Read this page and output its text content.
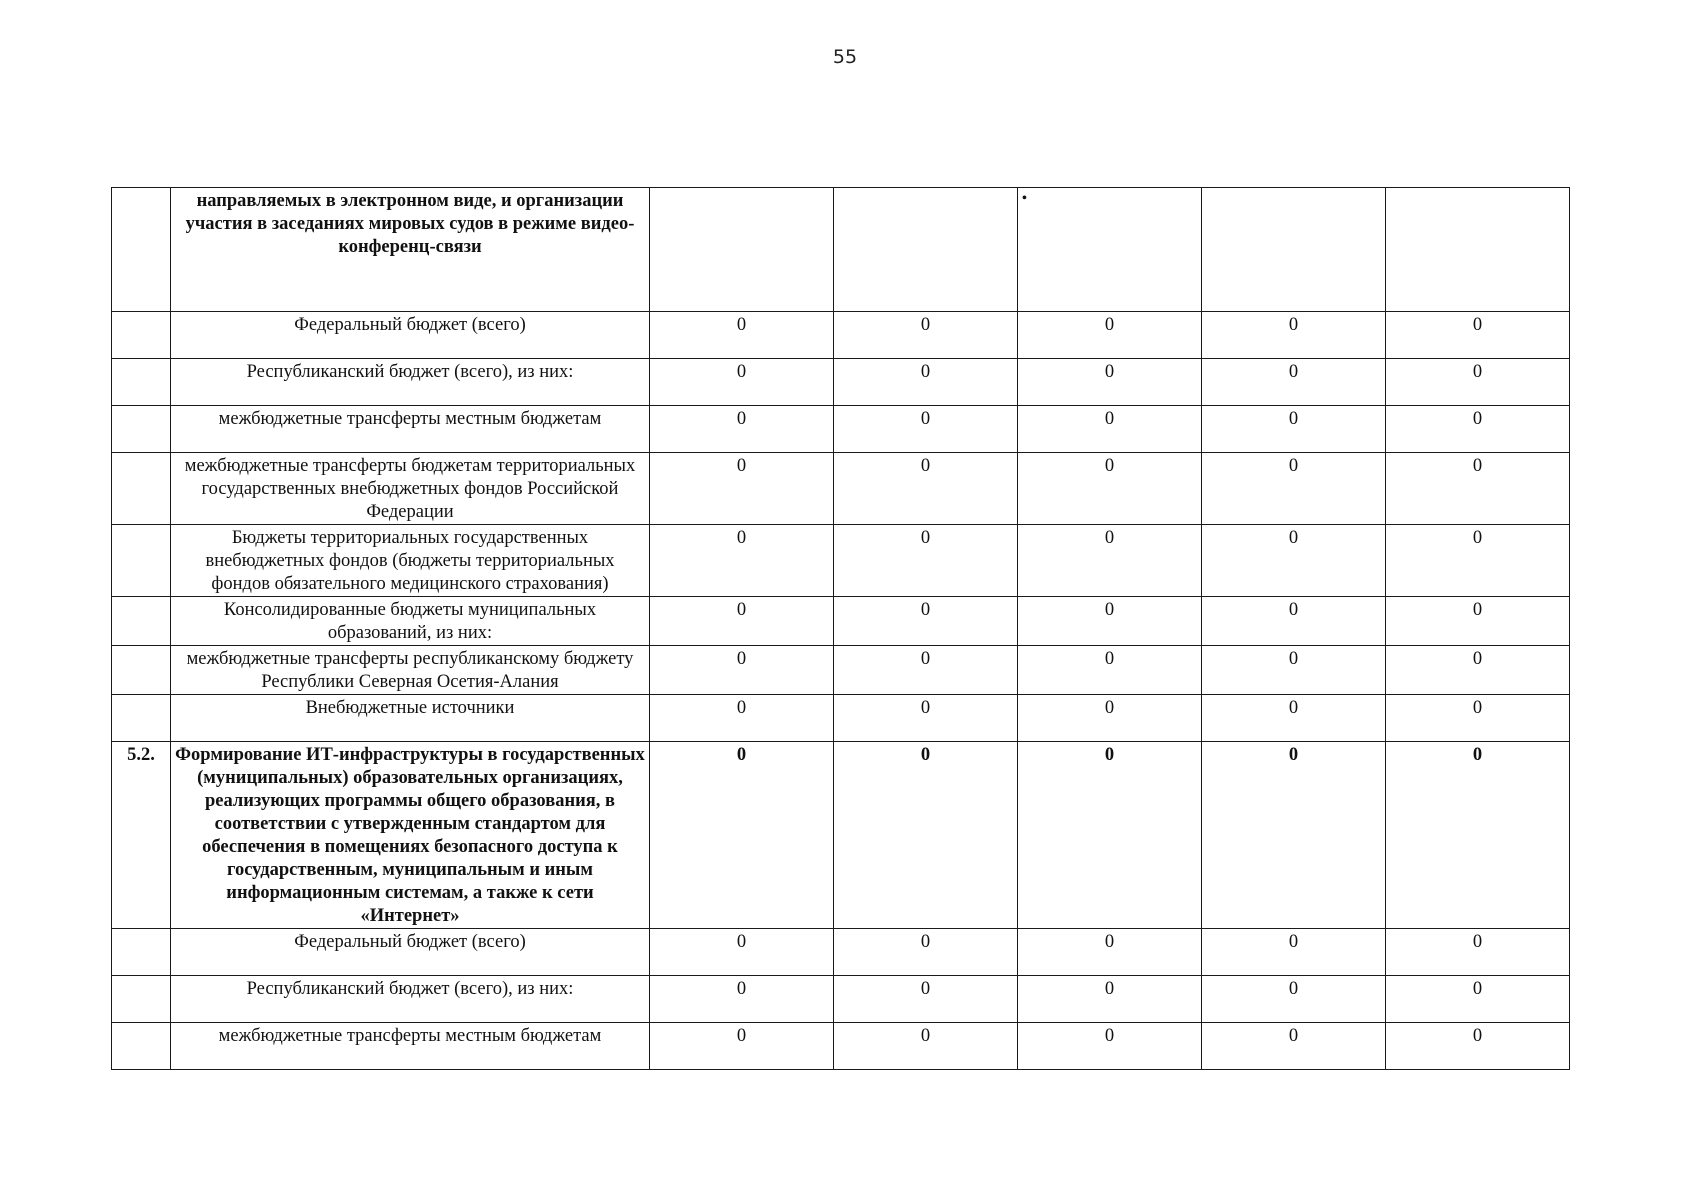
55
	направляемых в электронном виде, и организации участия в заседаниях мировых судов в режиме видео-конференц-связи			•		

	Федеральный бюджет (всего)	0	0	0	0	0
	Республиканский бюджет (всего), из них:	0	0	0	0	0
	межбюджетные трансферты местным бюджетам	0	0	0	0	0
	межбюджетные трансферты бюджетам территориальных государственных внебюджетных фондов Российской Федерации	0	0	0	0	0
	Бюджеты территориальных государственных внебюджетных фондов (бюджеты территориальных фондов обязательного медицинского страхования)	0	0	0	0	0
	Консолидированные бюджеты муниципальных образований, из них:	0	0	0	0	0
	межбюджетные трансферты республиканскому бюджету Республики Северная Осетия-Алания	0	0	0	0	0
	Внебюджетные источники	0	0	0	0	0
5.2.	Формирование ИТ-инфраструктуры в государственных (муниципальных) образовательных организациях, реализующих программы общего образования, в соответствии с утвержденным стандартом для обеспечения в помещениях безопасного доступа к государственным, муниципальным и иным информационным системам, а также к сети «Интернет»	0	0	0	0	0
	Федеральный бюджет (всего)	0	0	0	0	0
	Республиканский бюджет (всего), из них:	0	0	0	0	0
	межбюджетные трансферты местным бюджетам	0	0	0	0	0
